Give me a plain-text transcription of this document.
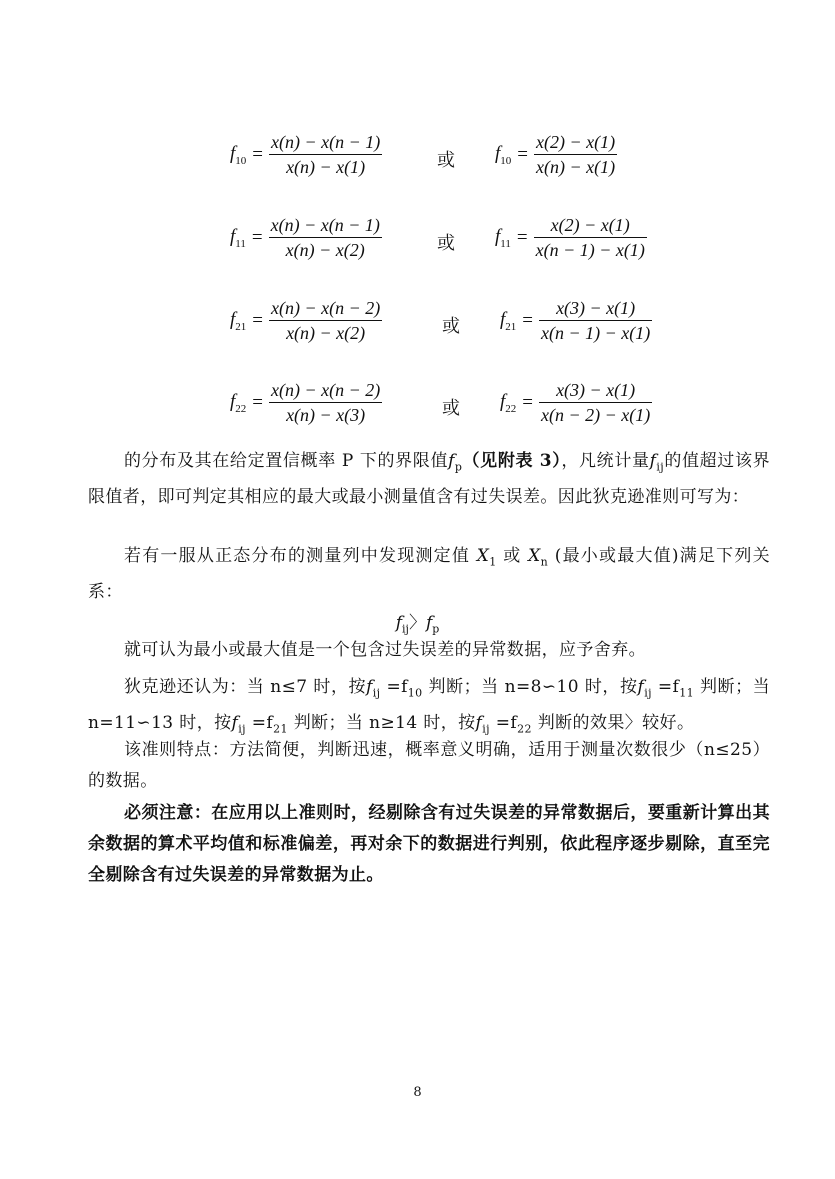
$f_{10} = \frac{x(n) - x(n - 1)}{x(n) - x(1)}$	或 $f_{10} = \frac{x(2) - x(1)}{x(n) - x(1)}$
$f_{11} = \frac{x(n) - x(n - 1)}{x(n) - x(2)}$	或 $f_{11} = \frac{x(2) - x(1)}{x(n - 1) - x(1)}$
$f_{21} = \frac{x(n) - x(n - 2)}{x(n) - x(2)}$	或 $f_{21} = \frac{x(3) - x(1)}{x(n - 1) - x(1)}$
$f_{22} = \frac{x(n) - x(n - 2)}{x(n) - x(3)}$	或 $f_{22} = \frac{x(3) - x(1)}{x(n - 2) - x(1)}$
的分布及其在给定置信概率 P 下的界限值$f_p$（见附表 3），凡统计量$f_{ij}$的值超过该界限值者，即可判定其相应的最大或最小测量值含有过失误差。因此狄克逊准则可写为：
若有一服从正态分布的测量列中发现测定值 $X_1$ 或 $X_n$ (最小或最大值)满足下列关系：
$f_{ij}$〉$f_p$
就可认为最小或最大值是一个包含过失误差的异常数据，应予舍弃。
狄克逊还认为：当 n≤7 时，按$f_{ij} =f_{10}$ 判断；当 n=8∽10 时，按$f_{ij} =f_{11}$ 判断；当 n=11∽13 时，按$f_{ij} =f_{21}$ 判断；当 n≥14 时，按$f_{ij} =f_{22}$ 判断的效果〉较好。
该准则特点：方法简便，判断迅速，概率意义明确，适用于测量次数很少（n≤25）的数据。
必须注意：在应用以上准则时，经剔除含有过失误差的异常数据后，要重新计算出其余数据的算术平均值和标准偏差，再对余下的数据进行判别，依此程序逐步剔除，直至完全剔除含有过失误差的异常数据为止。
8
